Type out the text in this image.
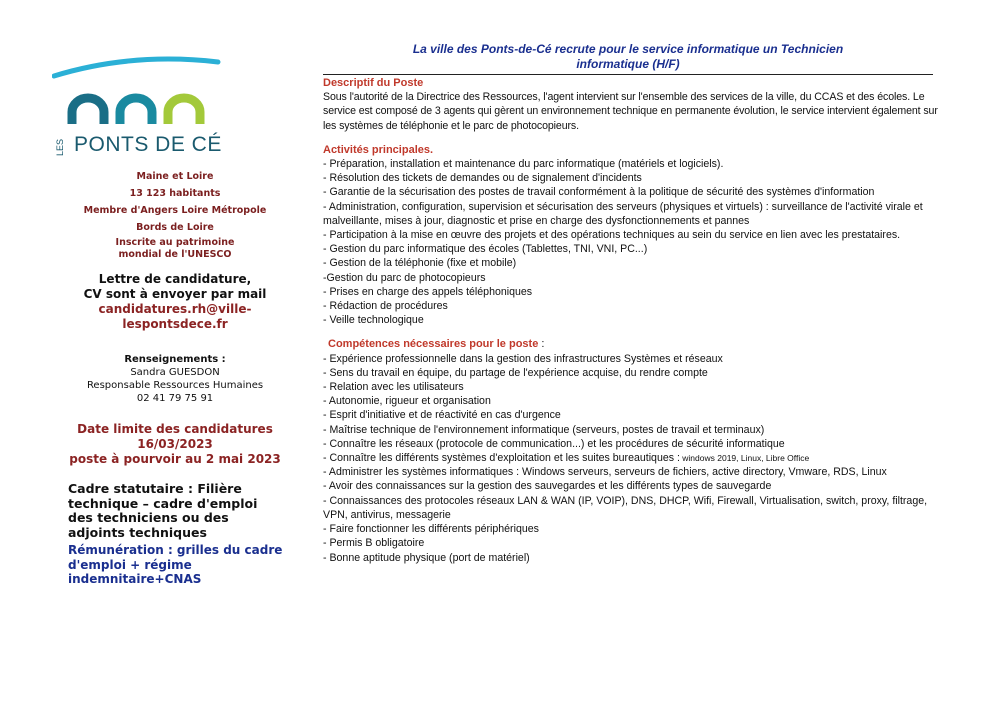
LES PONTS DE CÉ
Maine et Loire
13 123 habitants
Membre d'Angers Loire Métropole
Bords de Loire
Inscrite au patrimoine
mondial de l'UNESCO
Lettre de candidature,
CV sont à envoyer par mail
candidatures.rh@ville-
lespontsdece.fr
Renseignements :
Sandra GUESDON
Responsable Ressources Humaines
02 41 79 75 91
Date limite des candidatures
16/03/2023
poste à pourvoir au 2 mai 2023
Cadre statutaire : Filière
technique – cadre d'emploi
des techniciens ou des
adjoints techniques
Rémunération : grilles du cadre
d'emploi + régime
indemnitaire+CNAS
La ville des Ponts-de-Cé recrute pour le service informatique un Technicien
informatique (H/F)
Descriptif du Poste
Sous l'autorité de la Directrice des Ressources, l'agent intervient sur l'ensemble des services de la ville, du CCAS et des écoles. Le service est composé de 3 agents qui gèrent un environnement technique en permanente évolution, le service intervient également sur les systèmes de téléphonie et le parc de photocopieurs.
Activités principales.
- Préparation, installation et maintenance du parc informatique (matériels et logiciels).
- Résolution des tickets de demandes ou de signalement d'incidents
- Garantie de la sécurisation des postes de travail conformément à la politique de sécurité des systèmes d'information
- Administration, configuration, supervision et sécurisation des serveurs (physiques et virtuels) : surveillance de l'activité virale et malveillante, mises à jour, diagnostic et prise en charge des dysfonctionnements et pannes
- Participation à la mise en œuvre des projets et des opérations techniques au sein du service en lien avec les prestataires.
- Gestion du parc informatique des écoles (Tablettes, TNI, VNI, PC...)
- Gestion de la téléphonie (fixe et mobile)
-Gestion du parc de photocopieurs
- Prises en charge des appels téléphoniques
- Rédaction de procédures
- Veille technologique
Compétences nécessaires pour le poste :
- Expérience professionnelle dans la gestion des infrastructures Systèmes et réseaux
- Sens du travail en équipe, du partage de l'expérience acquise, du rendre compte
- Relation avec les utilisateurs
- Autonomie, rigueur et organisation
- Esprit d'initiative et de réactivité en cas d'urgence
- Maîtrise technique de l'environnement informatique (serveurs, postes de travail et terminaux)
- Connaître les réseaux (protocole de communication...) et les procédures de sécurité informatique
- Connaître les différents systèmes d'exploitation et les suites bureautiques : windows 2019, Linux, Libre Office
- Administrer les systèmes informatiques : Windows serveurs, serveurs de fichiers, active directory, Vmware, RDS, Linux
- Avoir des connaissances sur la gestion des sauvegardes et les différents types de sauvegarde
- Connaissances des protocoles réseaux LAN & WAN (IP, VOIP), DNS, DHCP, Wifi, Firewall, Virtualisation, switch, proxy, filtrage, VPN, antivirus, messagerie
- Faire fonctionner les différents périphériques
- Permis B obligatoire
- Bonne aptitude physique (port de matériel)
